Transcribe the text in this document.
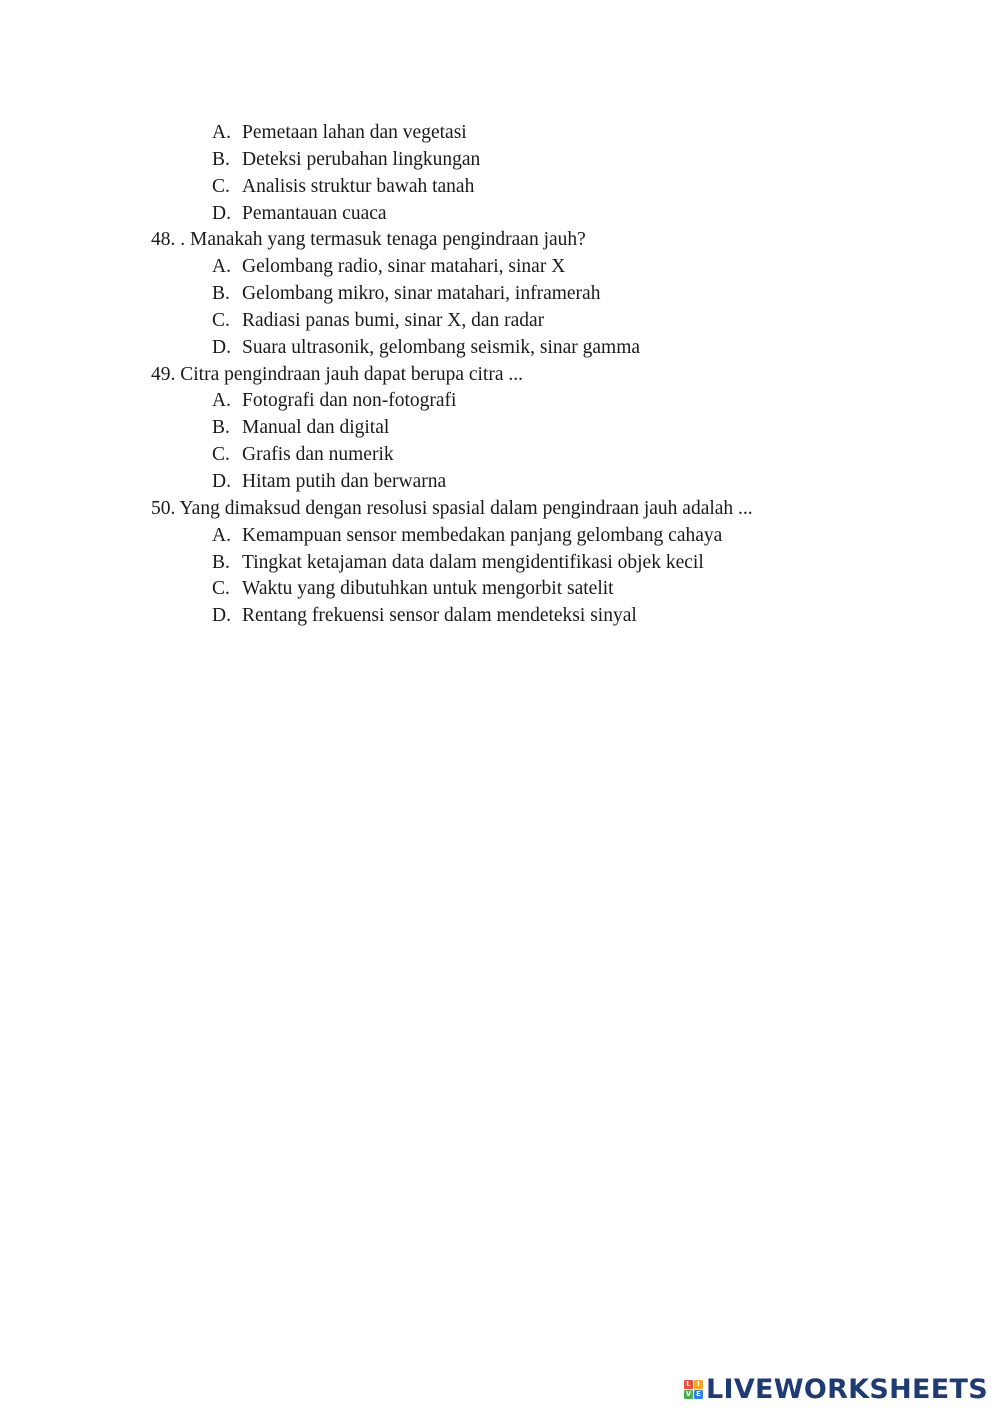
A. Pemetaan lahan dan vegetasi
B. Deteksi perubahan lingkungan
C. Analisis struktur bawah tanah
D. Pemantauan cuaca
48. . Manakah yang termasuk tenaga pengindraan jauh?
A. Gelombang radio, sinar matahari, sinar X
B. Gelombang mikro, sinar matahari, inframerah
C. Radiasi panas bumi, sinar X, dan radar
D. Suara ultrasonik, gelombang seismik, sinar gamma
49. Citra pengindraan jauh dapat berupa citra ...
A. Fotografi dan non-fotografi
B. Manual dan digital
C. Grafis dan numerik
D. Hitam putih dan berwarna
50. Yang dimaksud dengan resolusi spasial dalam pengindraan jauh adalah ...
A. Kemampuan sensor membedakan panjang gelombang cahaya
B. Tingkat ketajaman data dalam mengidentifikasi objek kecil
C. Waktu yang dibutuhkan untuk mengorbit satelit
D. Rentang frekuensi sensor dalam mendeteksi sinyal
L I
V E LIVEWORKSHEETS
